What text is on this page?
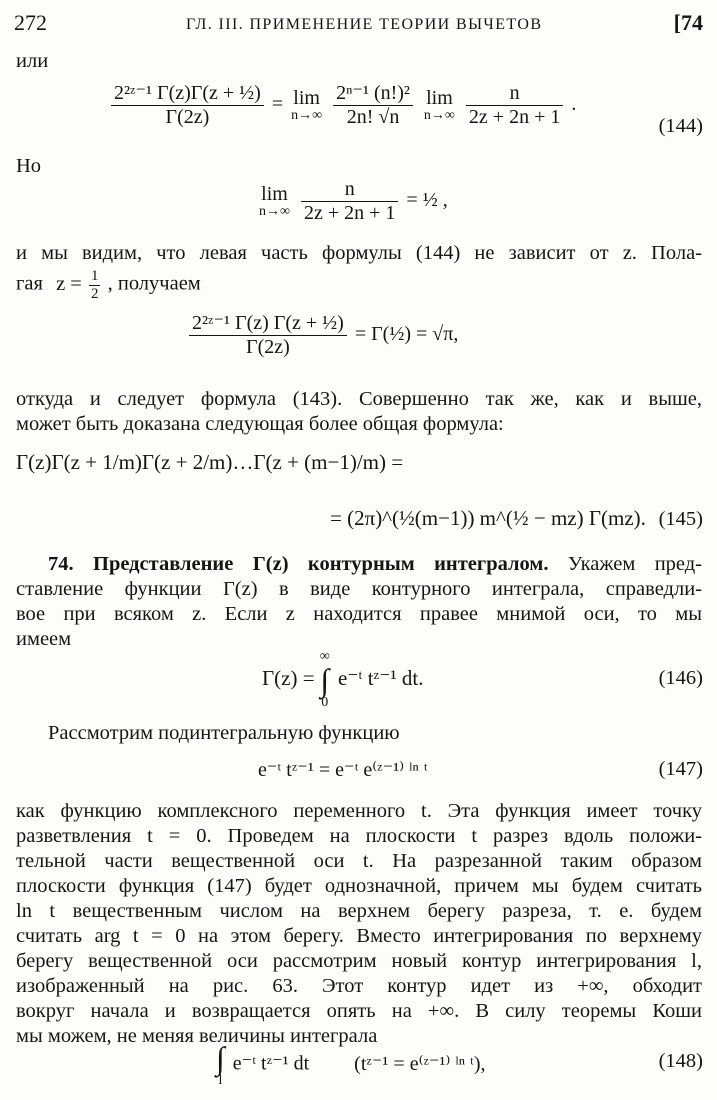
272	ГЛ. III. ПРИМЕНЕНИЕ ТЕОРИИ ВЫЧЕТОВ	[74
или
$\frac{\text{2²ᶻ⁻¹ Γ(z)Γ(z + ½)}}{\Gamma(2z)} = \lim$
n→∞
$\frac{\text{2ⁿ⁻¹ (n!)²}}{2n! √n}$
lim
n→∞
$\frac{n}{2z + 2n + 1}$ .
(144)
Но
lim
n→∞
$\frac{n}{2z + 2n + 1}$ = ½ ,
и мы видим, что левая часть формулы (144) не зависит от z. Пола-
гая $z = \frac{1}{2}$ , получаем
$\frac{\text{2²ᶻ⁻¹ Γ(z) Γ(z + ½)}}{\Gamma(2z)}$ = Γ(½) = √π,
откуда и следует формула (143). Совершенно так же, как и выше,
может быть доказана следующая более общая формула:
Γ(z)Γ(z + 1/m)Γ(z + 2/m)…Γ(z + (m−1)/m) =
= (2π)^(½(m−1)) m^(½ − mz) Γ(mz). (145)
74. Представление Γ(z) контурным интегралом. Укажем пред-
ставление функции Γ(z) в виде контурного интеграла, справедли-
вое при всяком z. Если z находится правее мнимой оси, то мы
имеем
Γ(z) =
∞
∫
0
e⁻ᵗ tᶻ⁻¹ dt.	(146)
Рассмотрим подинтегральную функцию
e⁻ᵗ tᶻ⁻¹ = e⁻ᵗ e⁽ᶻ⁻¹⁾ ˡⁿ ᵗ	(147)
как функцию комплексного переменного t. Эта функция имеет точку
разветвления t = 0. Проведем на плоскости t разрез вдоль положи-
тельной части вещественной оси t. На разрезанной таким образом
плоскости функция (147) будет однозначной, причем мы будем считать
ln t вещественным числом на верхнем берегу разреза, т. е. будем
считать arg t = 0 на этом берегу. Вместо интегрирования по верхнему
берегу вещественной оси рассмотрим новый контур интегрирования l,
изображенный на рис. 63. Этот контур идет из +∞, обходит
вокруг начала и возвращается опять на +∞. В силу теоремы Коши
мы можем, не меняя величины интеграла
∫
l
e⁻ᵗ tᶻ⁻¹ dt (tᶻ⁻¹ = e⁽ᶻ⁻¹⁾ ˡⁿ ᵗ),	(148)
